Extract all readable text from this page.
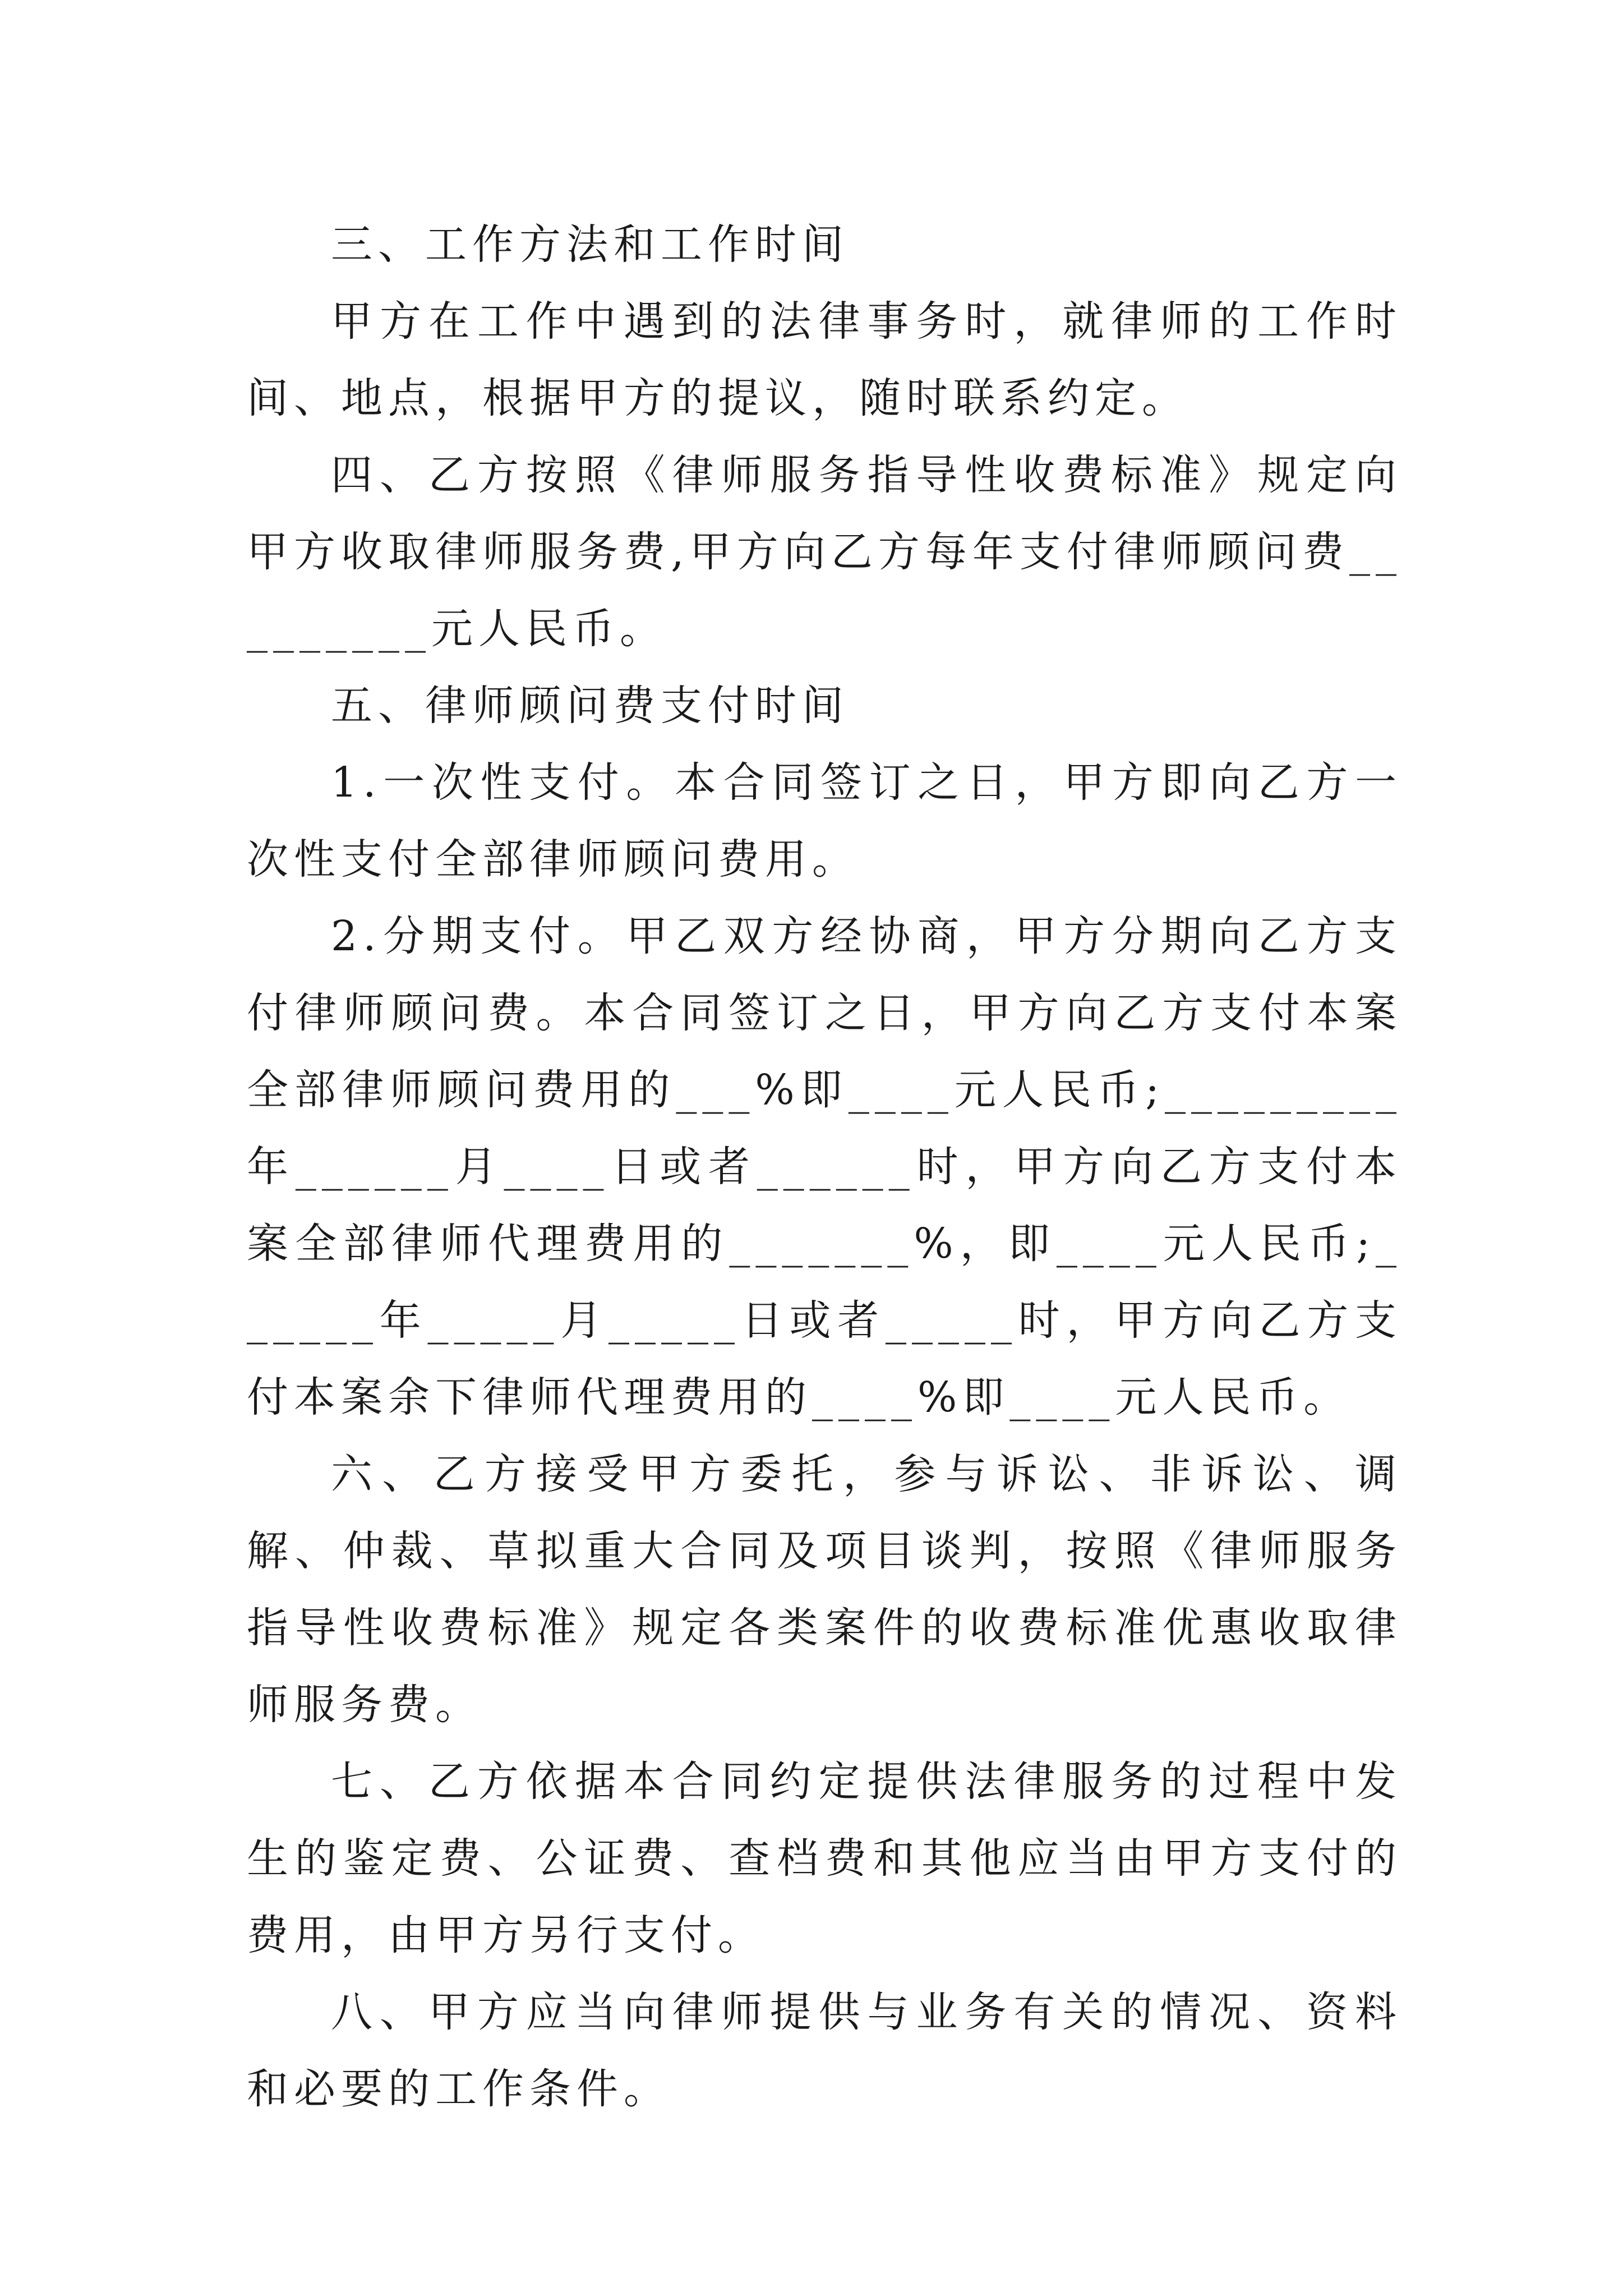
三、工作方法和工作时间

甲方在工作中遇到的法律事务时，就律师的工作时间、地点，根据甲方的提议，随时联系约定。

四、乙方按照《律师服务指导性收费标准》规定向甲方收取律师服务费,甲方向乙方每年支付律师顾问费_________元人民币。

五、律师顾问费支付时间

1.一次性支付。本合同签订之日，甲方即向乙方一次性支付全部律师顾问费用。

2.分期支付。甲乙双方经协商，甲方分期向乙方支付律师顾问费。本合同签订之日，甲方向乙方支付本案全部律师顾问费用的___%即____元人民币;_________年______月____日或者______时，甲方向乙方支付本案全部律师代理费用的_______%，即____元人民币;______年_____月_____日或者_____时，甲方向乙方支付本案余下律师代理费用的____%即____元人民币。

六、乙方接受甲方委托，参与诉讼、非诉讼、调解、仲裁、草拟重大合同及项目谈判，按照《律师服务指导性收费标准》规定各类案件的收费标准优惠收取律师服务费。

七、乙方依据本合同约定提供法律服务的过程中发生的鉴定费、公证费、查档费和其他应当由甲方支付的费用，由甲方另行支付。

八、甲方应当向律师提供与业务有关的情况、资料和必要的工作条件。
